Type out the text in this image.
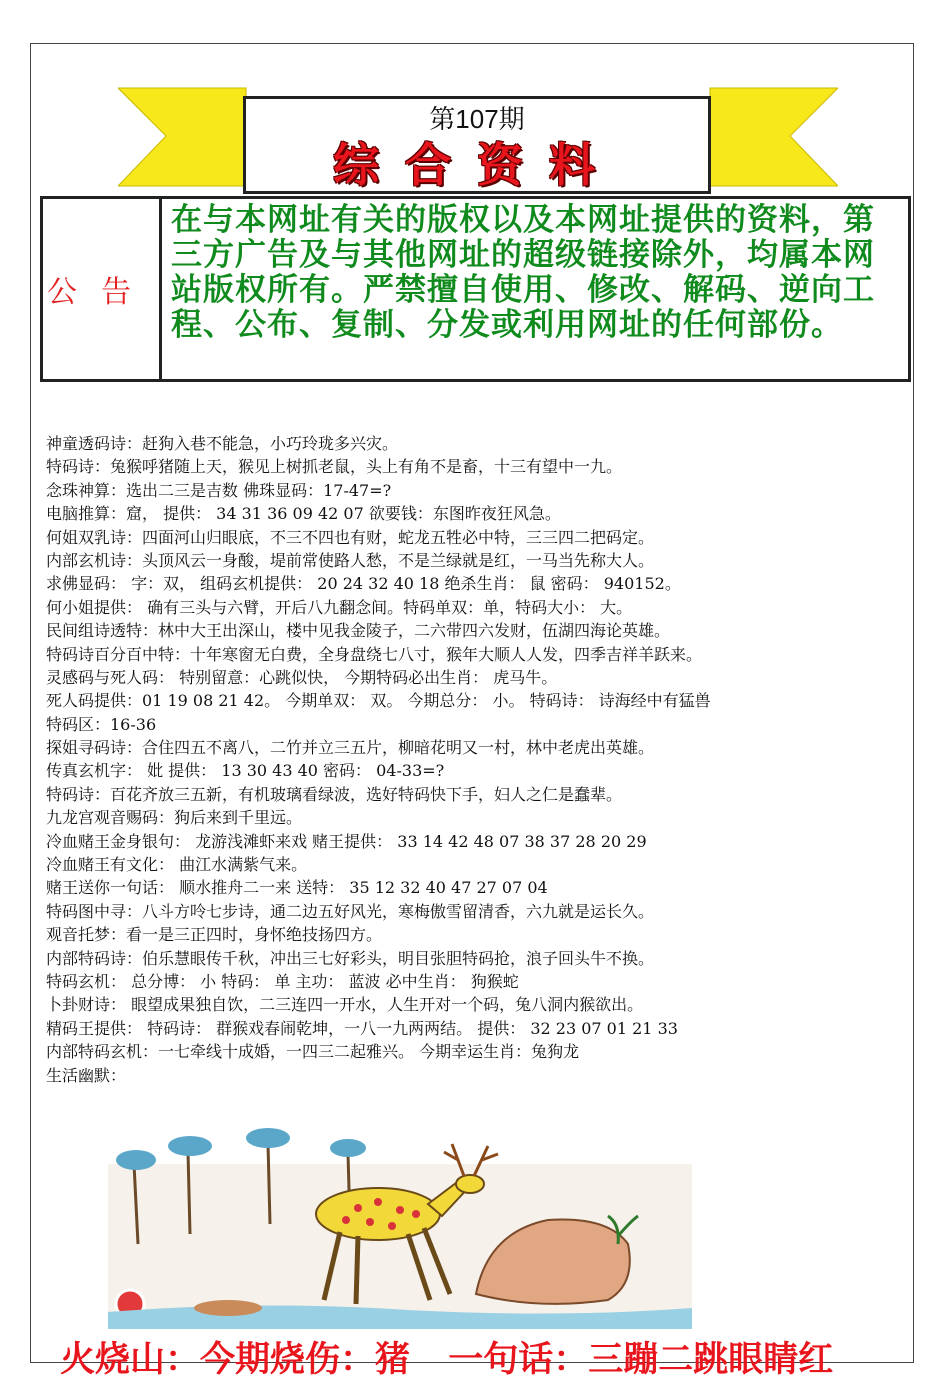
第107期
综合资料
公告
在与本网址有关的版权以及本网址提供的资料，第三方广告及与其他网址的超级链接除外，均属本网站版权所有。严禁擅自使用、修改、解码、逆向工程、公布、复制、分发或利用网址的任何部份。
神童透码诗：赶狗入巷不能急，小巧玲珑多兴灾。
特码诗：兔猴呼猪随上天，猴见上树抓老鼠，头上有角不是畜，十三有望中一九。
念珠神算：选出二三是吉数 佛珠显码：17-47=?
电脑推算：窟， 提供： 34 31 36 09 42 07 欲要钱：东图昨夜狂风急。
何姐双乳诗：四面河山归眼底，不三不四也有财，蛇龙五牲必中特，三三四二把码定。
内部玄机诗：头顶风云一身酸，堤前常使路人愁，不是兰绿就是红，一马当先称大人。
求佛显码： 字：双， 组码玄机提供： 20 24 32 40 18 绝杀生肖： 鼠 密码： 940152。
何小姐提供： 确有三头与六臂，开后八九翻念间。特码单双：单，特码大小： 大。
民间组诗透特：林中大王出深山，楼中见我金陵子，二六带四六发财，伍湖四海论英雄。
特码诗百分百中特：十年寒窗无白费，全身盘绕七八寸，猴年大顺人人发，四季吉祥羊跃来。
灵感码与死人码： 特别留意：心跳似快， 今期特码必出生肖： 虎马牛。
死人码提供：01 19 08 21 42。 今期单双： 双。 今期总分： 小。 特码诗： 诗海经中有猛兽
特码区：16-36
探姐寻码诗：合住四五不离八，二竹并立三五片，柳暗花明又一村，林中老虎出英雄。
传真玄机字： 妣 提供： 13 30 43 40 密码： 04-33=?
特码诗：百花齐放三五新，有机玻璃看绿波，选好特码快下手，妇人之仁是蠢辈。
九龙宫观音赐码：狗后来到千里远。
冷血赌王金身银句： 龙游浅滩虾来戏 赌王提供： 33 14 42 48 07 38 37 28 20 29
冷血赌王有文化： 曲江水满紫气来。
赌王送你一句话： 顺水推舟二一来 送特： 35 12 32 40 47 27 07 04
特码图中寻：八斗方呤七步诗，通二边五好风光，寒梅傲雪留清香，六九就是运长久。
观音托梦：看一是三正四时，身怀绝技扬四方。
内部特码诗：伯乐慧眼传千秋，冲出三七好彩头，明目张胆特码抢，浪子回头牛不换。
特码玄机： 总分博： 小 特码： 单 主功： 蓝波 必中生肖： 狗猴蛇
卜卦财诗： 眼望成果独自饮，二三连四一开水，人生开对一个码，兔八洞内猴欲出。
精码王提供： 特码诗： 群猴戏春闹乾坤，一八一九两两结。 提供： 32 23 07 01 21 33
内部特码玄机：一七牵线十成婚，一四三二起雅兴。 今期幸运生肖：兔狗龙
生活幽默：
火烧山：今期烧伤：猪 一句话：三蹦二跳眼睛红
